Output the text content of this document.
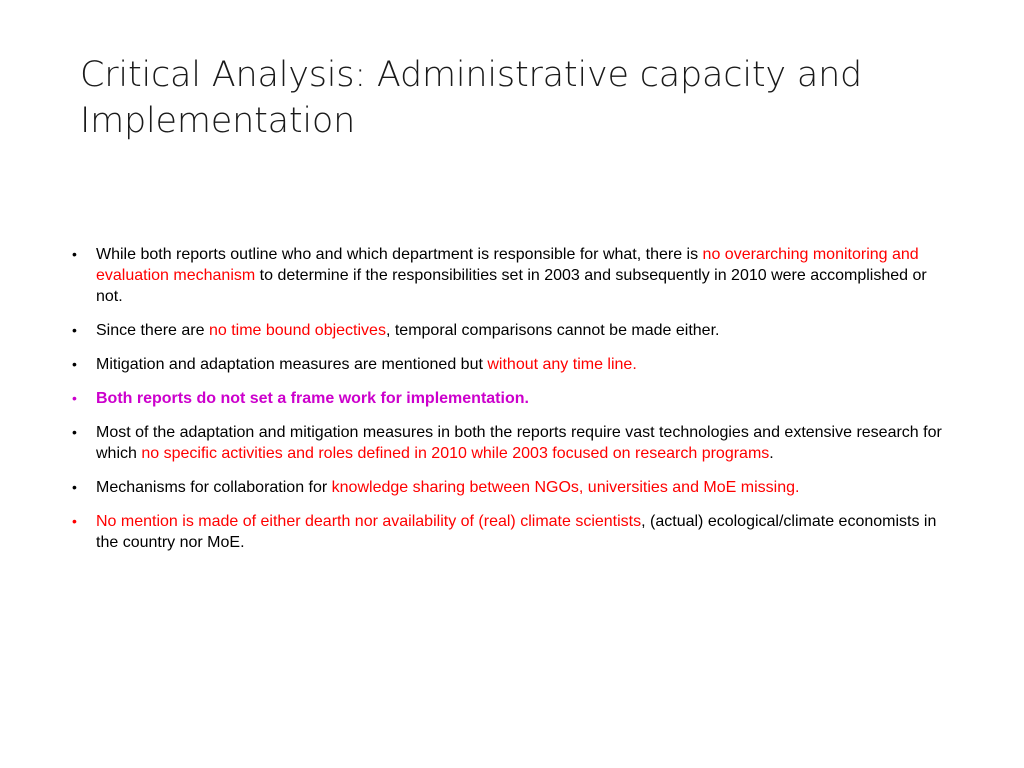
Critical Analysis: Administrative capacity and Implementation
•	While both reports outline who and which department is responsible for what, there is no overarching monitoring and evaluation mechanism to determine if the responsibilities set in 2003 and subsequently in 2010 were accomplished or not.
•	Since there are no time bound objectives, temporal comparisons cannot be made either.
•	Mitigation and adaptation measures are mentioned but without any time line.
•	Both reports do not set a frame work for implementation.
•	Most of the adaptation and mitigation measures in both the reports require vast technologies and extensive research for which no specific activities and roles defined in 2010 while 2003 focused on research programs.
•	Mechanisms for collaboration for knowledge sharing between NGOs, universities and MoE missing.
•	No mention is made of either dearth nor availability of (real) climate scientists, (actual) ecological/climate economists in the country nor MoE.
